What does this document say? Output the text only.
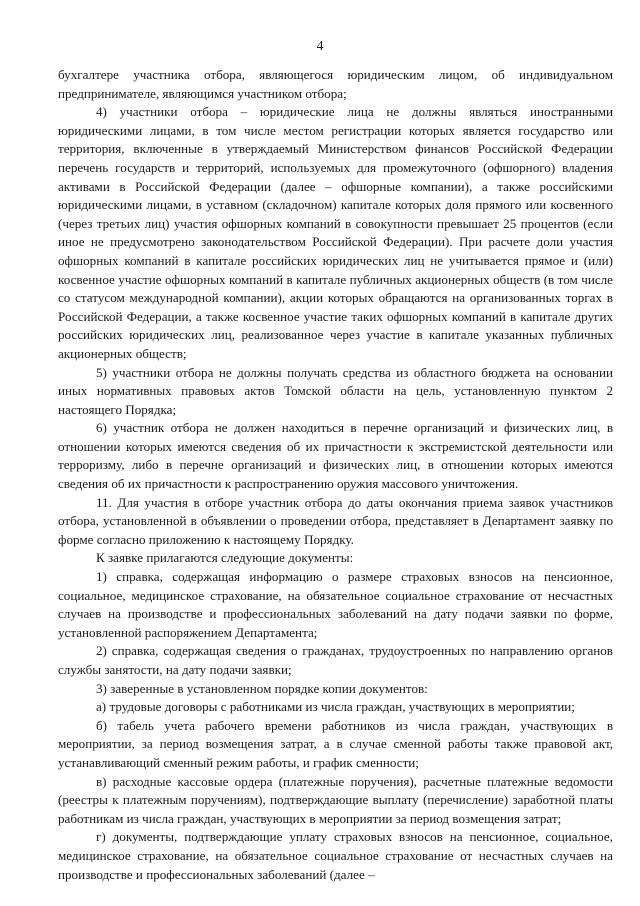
4

бухгалтере участника отбора, являющегося юридическим лицом, об индивидуальном предпринимателе, являющимся участником отбора;

4) участники отбора – юридические лица не должны являться иностранными юридическими лицами, в том числе местом регистрации которых является государство или территория, включенные в утверждаемый Министерством финансов Российской Федерации перечень государств и территорий, используемых для промежуточного (офшорного) владения активами в Российской Федерации (далее – офшорные компании), а также российскими юридическими лицами, в уставном (складочном) капитале которых доля прямого или косвенного (через третьих лиц) участия офшорных компаний в совокупности превышает 25 процентов (если иное не предусмотрено законодательством Российской Федерации). При расчете доли участия офшорных компаний в капитале российских юридических лиц не учитывается прямое и (или) косвенное участие офшорных компаний в капитале публичных акционерных обществ (в том числе со статусом международной компании), акции которых обращаются на организованных торгах в Российской Федерации, а также косвенное участие таких офшорных компаний в капитале других российских юридических лиц, реализованное через участие в капитале указанных публичных акционерных обществ;

5) участники отбора не должны получать средства из областного бюджета на основании иных нормативных правовых актов Томской области на цель, установленную пунктом 2 настоящего Порядка;

6) участник отбора не должен находиться в перечне организаций и физических лиц, в отношении которых имеются сведения об их причастности к экстремистской деятельности или терроризму, либо в перечне организаций и физических лиц, в отношении которых имеются сведения об их причастности к распространению оружия массового уничтожения.

11. Для участия в отборе участник отбора до даты окончания приема заявок участников отбора, установленной в объявлении о проведении отбора, представляет в Департамент заявку по форме согласно приложению к настоящему Порядку.

К заявке прилагаются следующие документы:

1) справка, содержащая информацию о размере страховых взносов на пенсионное, социальное, медицинское страхование, на обязательное социальное страхование от несчастных случаев на производстве и профессиональных заболеваний на дату подачи заявки по форме, установленной распоряжением Департамента;

2) справка, содержащая сведения о гражданах, трудоустроенных по направлению органов службы занятости, на дату подачи заявки;

3) заверенные в установленном порядке копии документов:

а) трудовые договоры с работниками из числа граждан, участвующих в мероприятии;

б) табель учета рабочего времени работников из числа граждан, участвующих в мероприятии, за период возмещения затрат, а в случае сменной работы также правовой акт, устанавливающий сменный режим работы, и график сменности;

в) расходные кассовые ордера (платежные поручения), расчетные платежные ведомости (реестры к платежным поручениям), подтверждающие выплату (перечисление) заработной платы работникам из числа граждан, участвующих в мероприятии за период возмещения затрат;

г) документы, подтверждающие уплату страховых взносов на пенсионное, социальное, медицинское страхование, на обязательное социальное страхование от несчастных случаев на производстве и профессиональных заболеваний (далее –
